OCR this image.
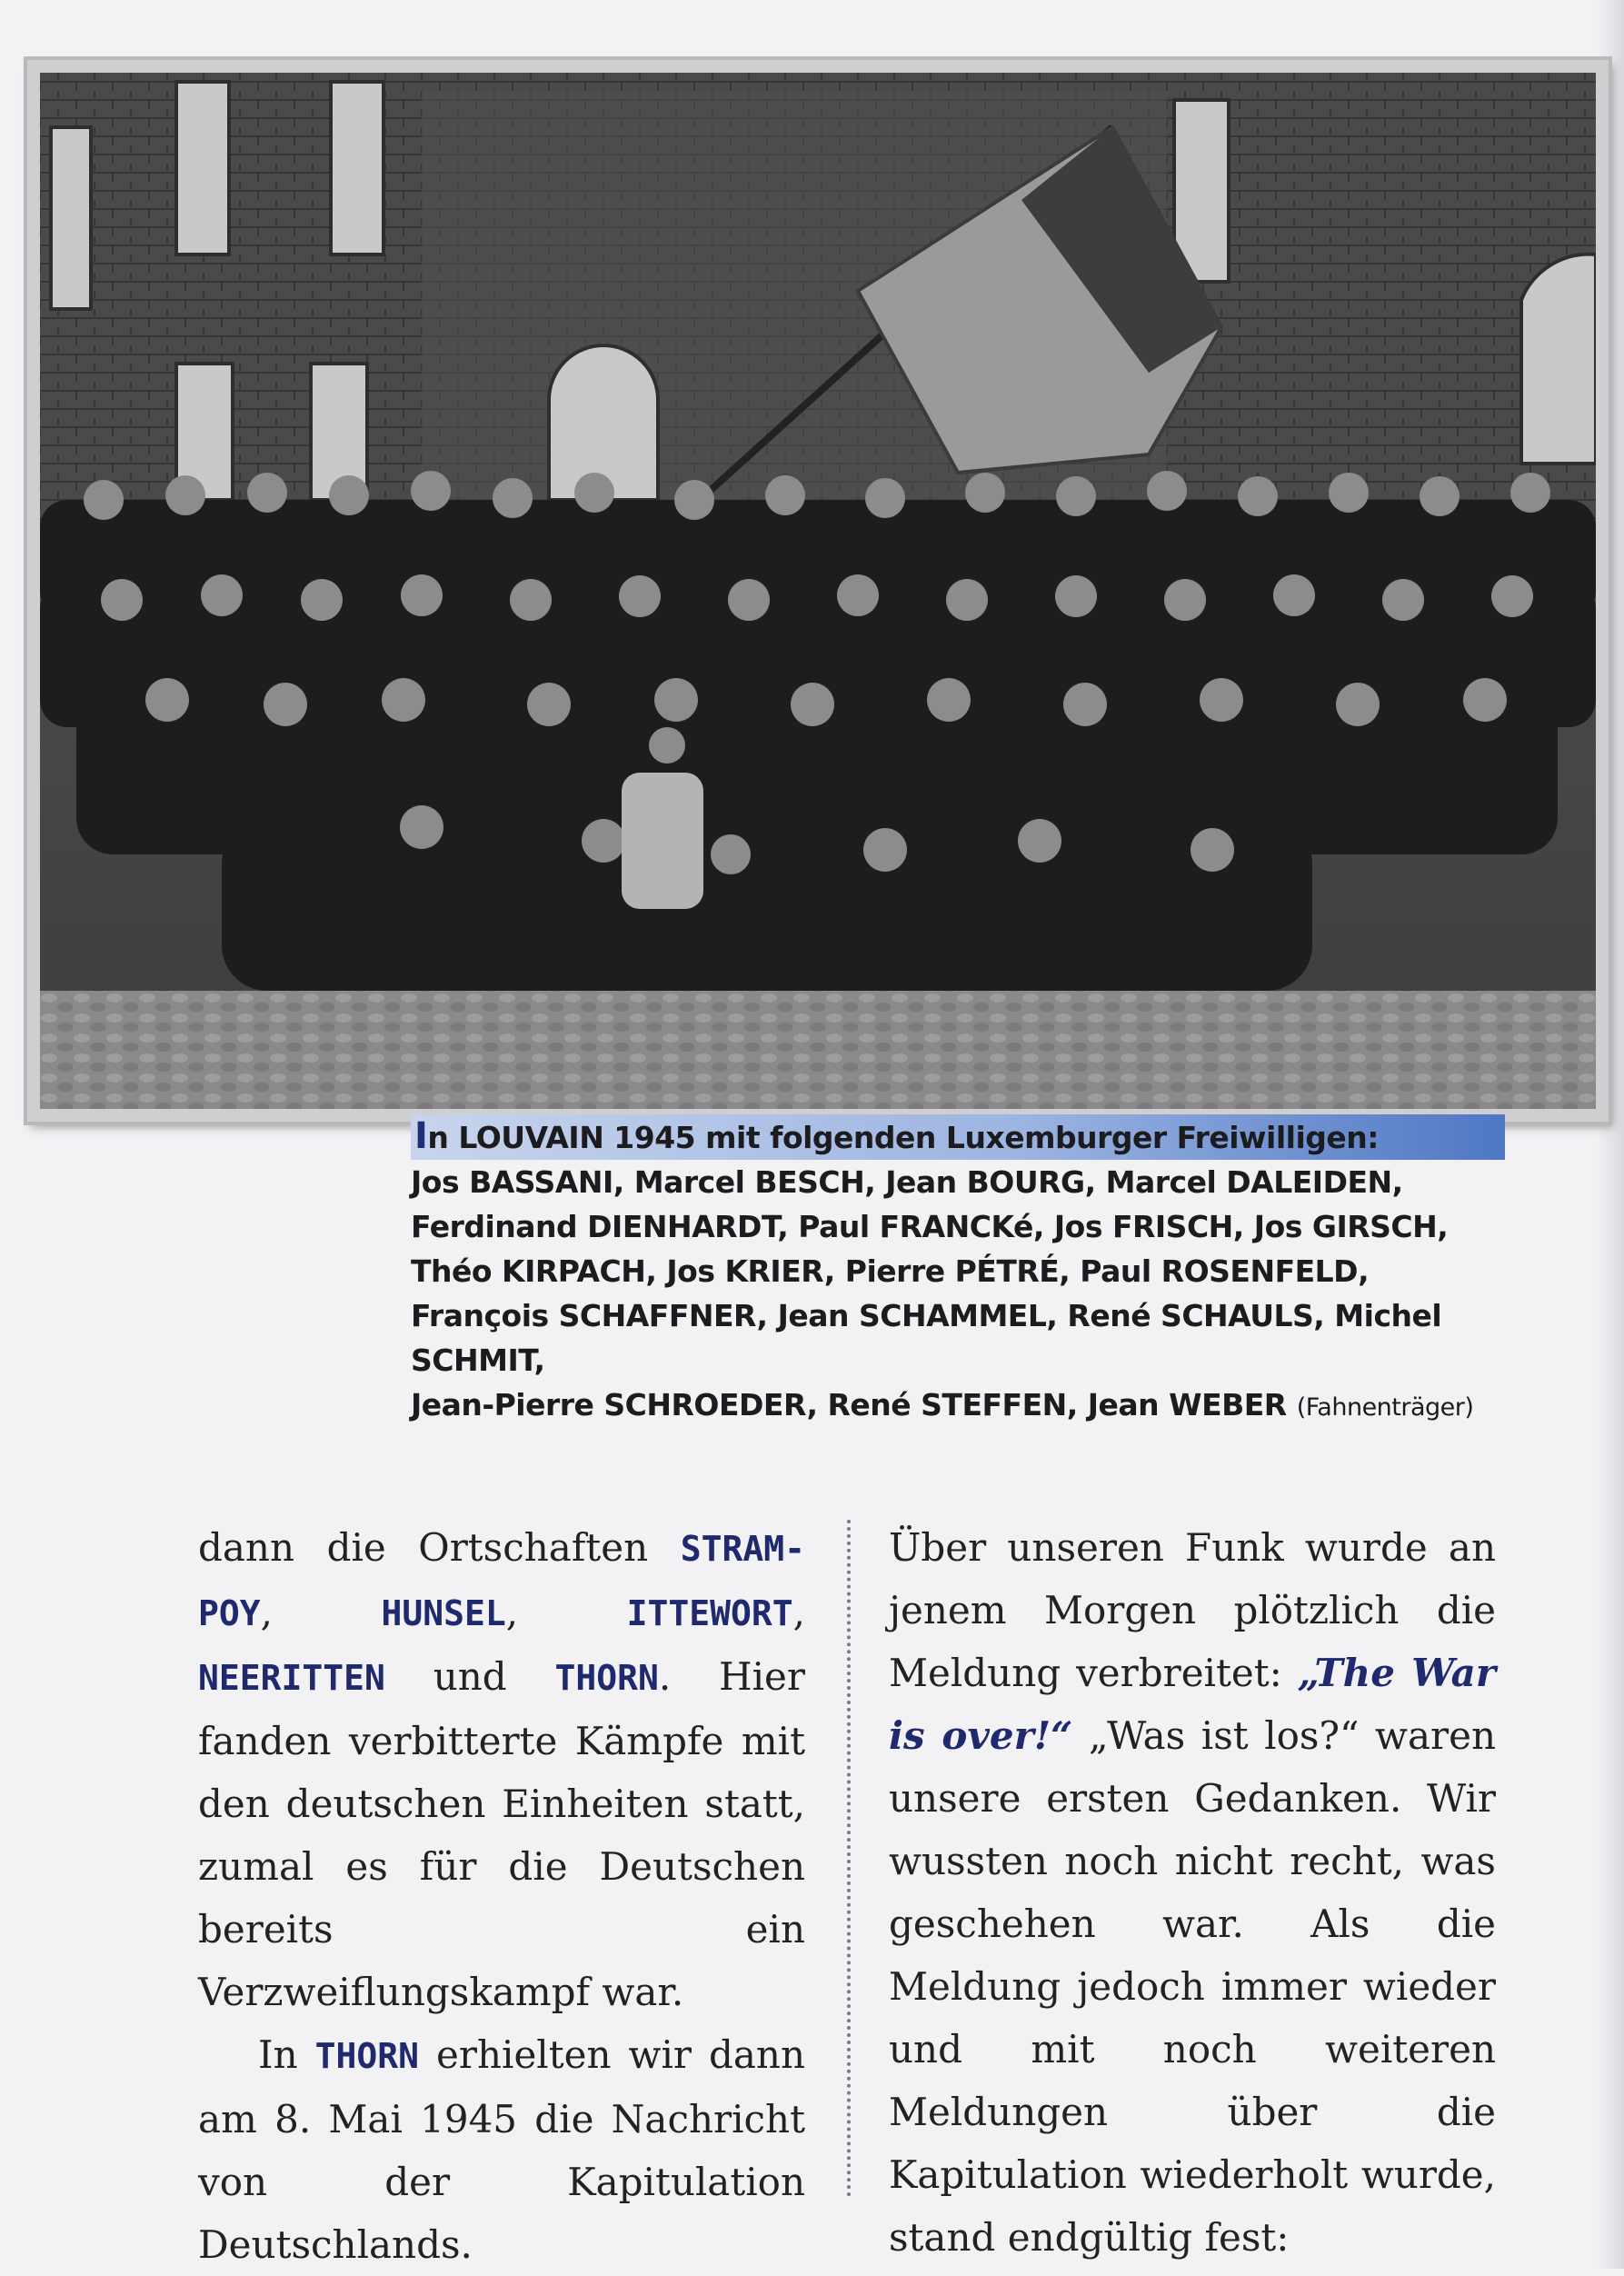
In LOUVAIN 1945 mit folgenden Luxemburger Freiwilligen:
Jos BASSANI, Marcel BESCH, Jean BOURG, Marcel DALEIDEN,
Ferdinand DIENHARDT, Paul FRANCKé, Jos FRISCH, Jos GIRSCH,
Théo KIRPACH, Jos KRIER, Pierre PÉTRÉ, Paul ROSENFELD,
François SCHAFFNER, Jean SCHAMMEL, René SCHAULS, Michel SCHMIT,
Jean-Pierre SCHROEDER, René STEFFEN, Jean WEBER (Fahnenträger)

dann die Ortschaften STRAM-POY, HUNSEL, ITTEWORT, NEERITTEN und THORN. Hier fanden verbitterte Kämpfe mit den deutschen Einheiten statt, zumal es für die Deutschen bereits ein Verzweiflungskampf war.

In THORN erhielten wir dann am 8. Mai 1945 die Nachricht von der Kapitulation Deutschlands.

Über unseren Funk wurde an jenem Morgen plötzlich die Meldung verbreitet: „The War is over!“ „Was ist los?“ waren unsere ersten Gedanken. Wir wussten noch nicht recht, was geschehen war. Als die Meldung jedoch immer wieder und mit noch weiteren Meldungen über die Kapitulation wiederholt wurde, stand endgültig fest:
